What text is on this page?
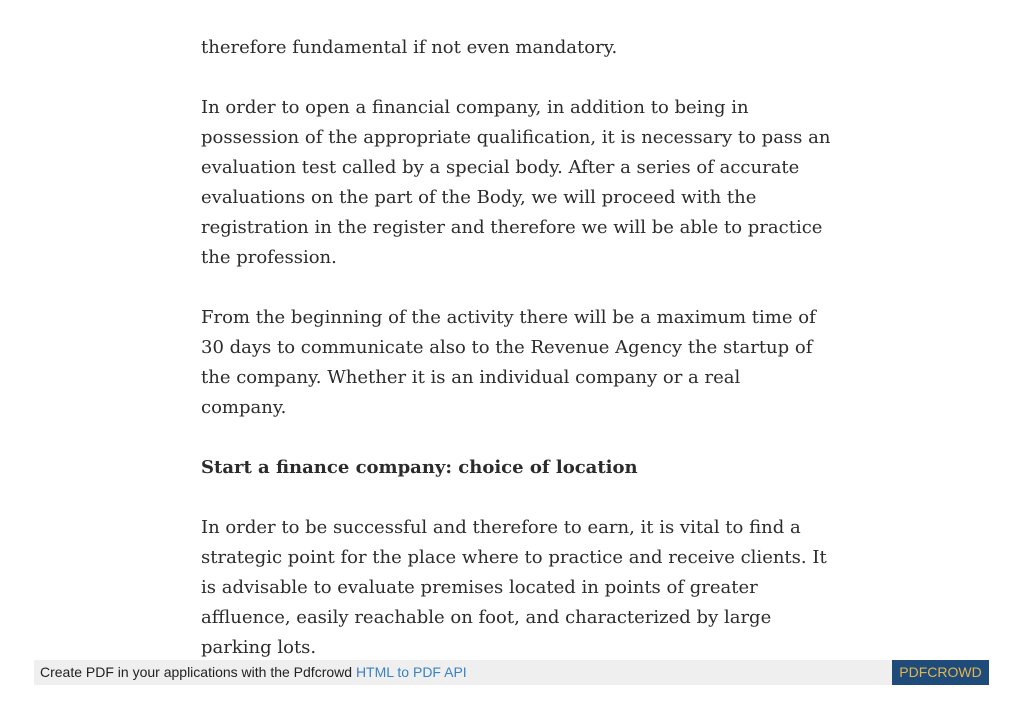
therefore fundamental if not even mandatory.

In order to open a financial company, in addition to being in possession of the appropriate qualification, it is necessary to pass an evaluation test called by a special body. After a series of accurate evaluations on the part of the Body, we will proceed with the registration in the register and therefore we will be able to practice the profession.

From the beginning of the activity there will be a maximum time of 30 days to communicate also to the Revenue Agency the startup of the company. Whether it is an individual company or a real company.

Start a finance company: choice of location

In order to be successful and therefore to earn, it is vital to find a strategic point for the place where to practice and receive clients. It is advisable to evaluate premises located in points of greater affluence, easily reachable on foot, and characterized by large parking lots.

Create PDF in your applications with the Pdfcrowd HTML to PDF API	PDFCROWD
